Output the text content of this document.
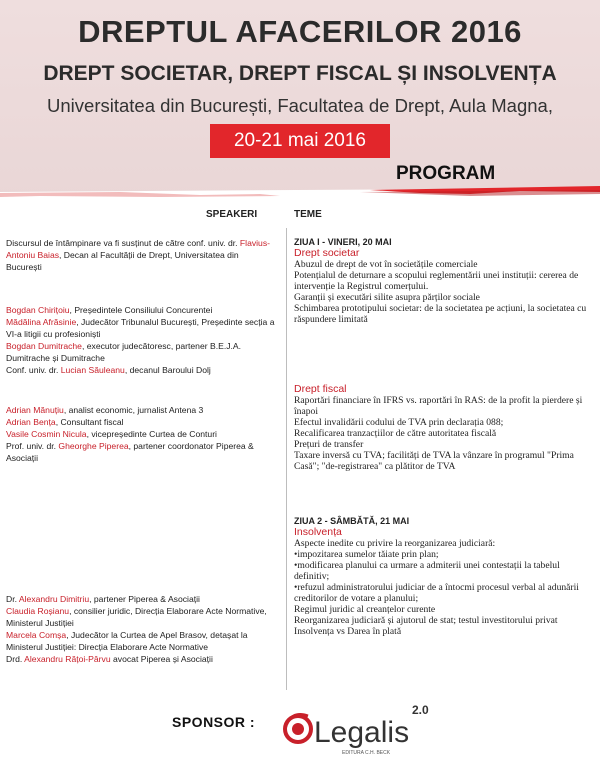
DREPTUL AFACERILOR 2016
DREPT SOCIETAR, DREPT FISCAL ȘI INSOLVENȚA
Universitatea din București, Facultatea de Drept, Aula Magna,
20-21 mai 2016
PROGRAM
SPEAKERI	TEME

Discursul de întâmpinare va fi susținut de către conf. univ. dr. Flavius-Antoniu Baias, Decan al Facultății de Drept, Universitatea din București

Bogdan Chirițoiu, Președintele Consiliului Concurentei

Mădălina Afrăsinie, Judecător Tribunalul București, Președinte secția a VI-a litigii cu profesioniști

Bogdan Dumitrache, executor judecătoresc, partener B.E.J.A. Dumitrache și Dumitrache

Conf. univ. dr. Lucian Săuleanu, decanul Baroului Dolj

Adrian Mănuțiu, analist economic, jurnalist Antena 3

Adrian Bența, Consultant fiscal

Vasile Cosmin Nicula, vicepreședinte Curtea de Conturi

Prof. univ. dr. Gheorghe Piperea, partener coordonator Piperea & Asociații

Dr. Alexandru Dimitriu, partener Piperea & Asociații

Claudia Roșianu, consilier juridic, Direcția Elaborare Acte Normative, Ministerul Justiției

Marcela Comșa, Judecător la Curtea de Apel Brasov, detașat la Ministerul Justiției: Direcția Elaborare Acte Normative

Drd. Alexandru Rățoi-Pârvu avocat Piperea și Asociații

ZIUA I - VINERI, 20 MAI

Drept societar

Abuzul de drept de vot în societățile comerciale

Potențialul de deturnare a scopului reglementării unei instituții: cererea de intervenție la Registrul comerțului.

Garanții și executări silite asupra părților sociale

Schimbarea prototipului societar: de la societatea pe acțiuni, la societatea cu răspundere limitată

Drept fiscal

Raportări financiare în IFRS vs. raportări în RAS: de la profit la pierdere și înapoi

Efectul invalidării codului de TVA prin declarația 088;

Recalificarea tranzacțiilor de către autoritatea fiscală

Prețuri de transfer

Taxare inversă cu TVA; facilități de TVA la vânzare în programul "Prima Casă"; "de-registrarea" ca plătitor de TVA

ZIUA 2 - SÂMBĂTĂ, 21 MAI

Insolvența

Aspecte inedite cu privire la reorganizarea judiciară:

•impozitarea sumelor tăiate prin plan;

•modificarea planului ca urmare a admiterii unei contestații la tabelul definitiv;

•refuzul administratorului judiciar de a întocmi procesul verbal al adunării creditorilor de votare a planului;

Regimul juridic al creanțelor curente

Reorganizarea judiciară și ajutorul de stat; testul investitorului privat

Insolvența vs Darea în plată

SPONSOR : Legalis
2.0
EDITURA C.H. BECK
